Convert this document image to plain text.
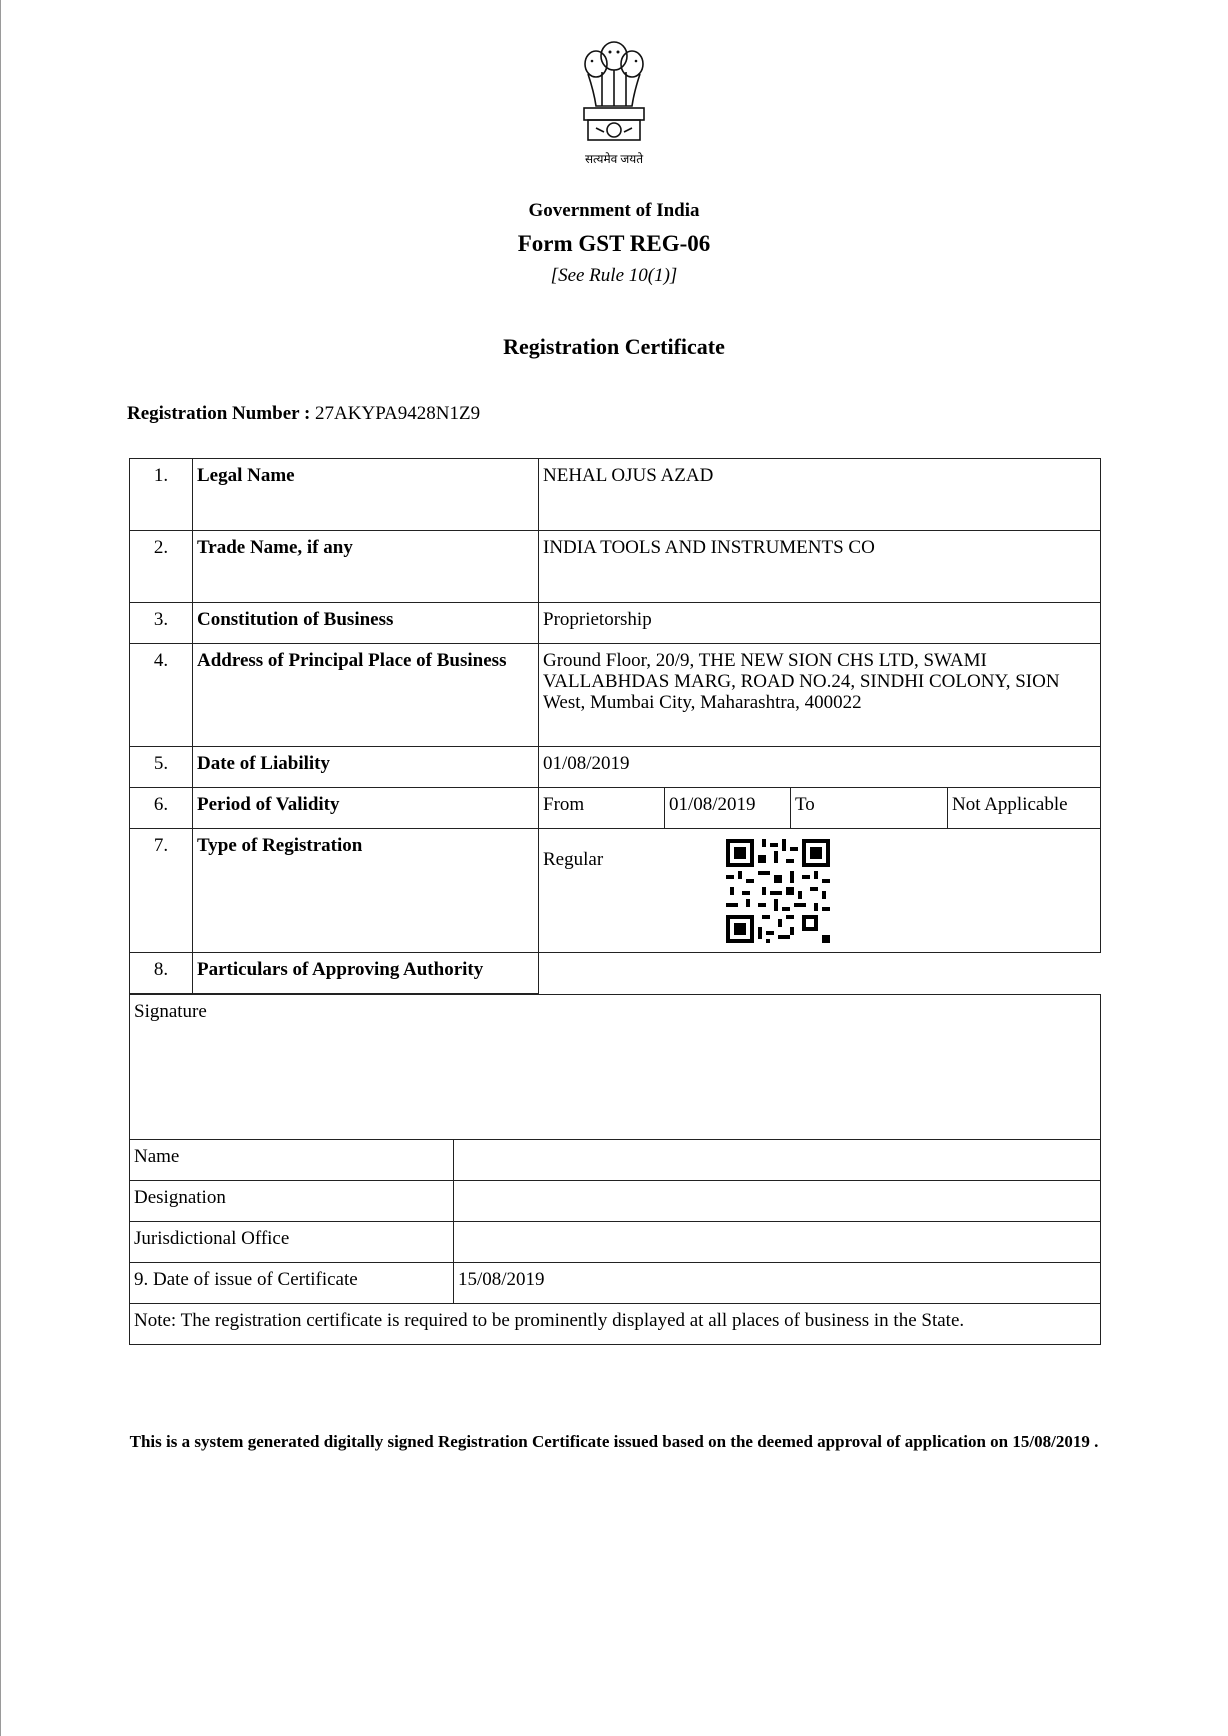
सत्यमेव जयते
Government of India
Form GST REG-06
[See Rule 10(1)]
Registration Certificate
Registration Number : 27AKYPA9428N1Z9
1.	Legal Name	NEHAL OJUS AZAD			
2.	Trade Name, if any	INDIA TOOLS AND INSTRUMENTS CO			
3.	Constitution of Business	Proprietorship			
4.	Address of Principal Place of Business	Ground Floor, 20/9, THE NEW SION CHS LTD, SWAMI VALLABHDAS MARG, ROAD NO.24, SINDHI COLONY, SION West, Mumbai City, Maharashtra, 400022			
5.	Date of Liability	01/08/2019			
6.	Period of Validity	From	01/08/2019	To	Not Applicable
7.	Type of Registration	Regular			
8.	Particulars of Approving Authority				
Signature	
Name	
Designation	
Jurisdictional Office	
9. Date of issue of Certificate	15/08/2019
Note: The registration certificate is required to be prominently displayed at all places of business in the State.	
This is a system generated digitally signed Registration Certificate issued based on the deemed approval of application on 15/08/2019 .
